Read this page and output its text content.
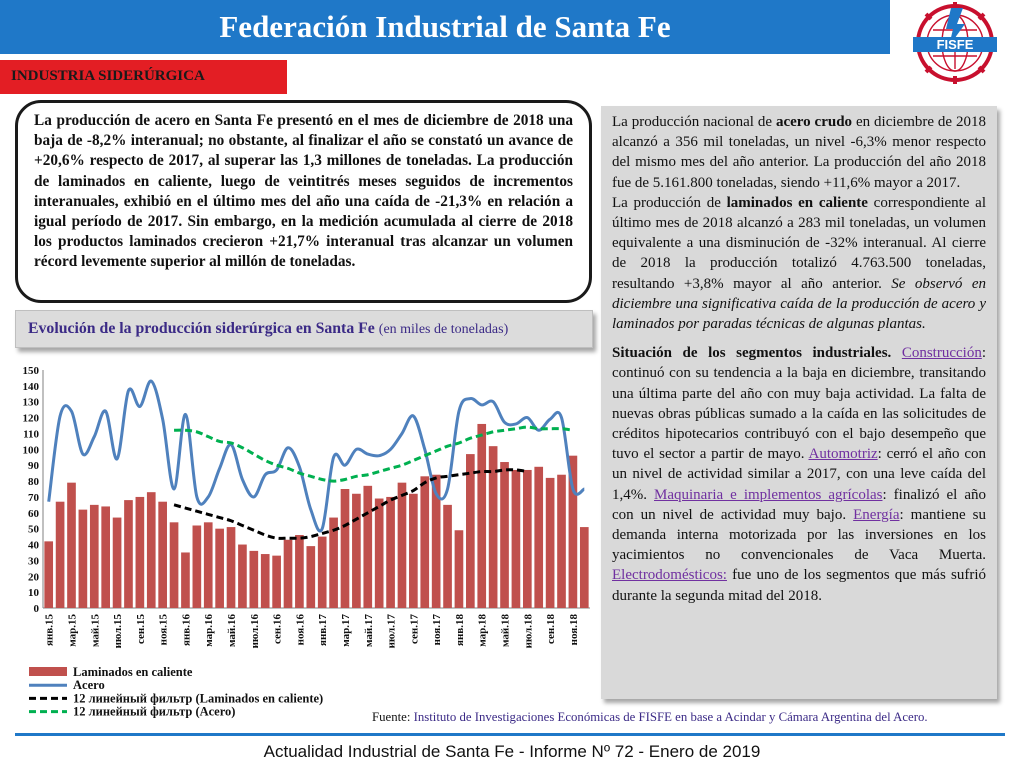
Federación Industrial de Santa Fe
FISFE
INDUSTRIA SIDERÚRGICA

La producción de acero en Santa Fe presentó en el mes de diciembre de 2018 una baja de -8,2% interanual; no obstante, al finalizar el año se constató un avance de +20,6% respecto de 2017, al superar las 1,3 millones de toneladas. La producción de laminados en caliente, luego de veintitrés meses seguidos de incrementos interanuales, exhibió en el último mes del año una caída de -21,3% en relación a igual período de 2017. Sin embargo, en la medición acumulada al cierre de 2018 los productos laminados crecieron +21,7% interanual tras alcanzar un volumen récord levemente superior al millón de toneladas.

Evolución de la producción siderúrgica en Santa Fe (en miles de toneladas)
0
10
20
30
40
50
60
70
80
90
100
110
120
130
140
150
янв.15 мар.15 май.15 июл.15 сен.15 ноя.15 янв.16 мар.16 май.16 июл.16 сен.16 ноя.16 янв.17 мар.17 май.17 июл.17 сен.17 ноя.17 янв.18 мар.18 май.18 июл.18 сен.18 ноя.18
Laminados en caliente
Acero
12 линейный фильтр (Laminados en caliente)
12 линейный фильтр (Acero)	Fuente: Instituto de Investigaciones Económicas de FISFE en base a Acindar y Cámara Argentina del Acero.

La producción nacional de acero crudo en diciembre de 2018 alcanzó a 356 mil toneladas, un nivel -6,3% menor respecto del mismo mes del año anterior. La producción del año 2018 fue de 5.161.800 toneladas, siendo +11,6% mayor a 2017.

La producción de laminados en caliente correspondiente al último mes de 2018 alcanzó a 283 mil toneladas, un volumen equivalente a una disminución de -32% interanual. Al cierre de 2018 la producción totalizó 4.763.500 toneladas, resultando +3,8% mayor al año anterior. Se observó en diciembre una significativa caída de la producción de acero y laminados por paradas técnicas de algunas plantas.

Situación de los segmentos industriales. Construcción: continuó con su tendencia a la baja en diciembre, transitando una última parte del año con muy baja actividad. La falta de nuevas obras públicas sumado a la caída en las solicitudes de créditos hipotecarios contribuyó con el bajo desempeño que tuvo el sector a partir de mayo. Automotriz: cerró el año con un nivel de actividad similar a 2017, con una leve caída del 1,4%. Maquinaria e implementos agrícolas: finalizó el año con un nivel de actividad muy bajo. Energía: mantiene su demanda interna motorizada por las inversiones en los yacimientos no convencionales de Vaca Muerta. Electrodomésticos: fue uno de los segmentos que más sufrió durante la segunda mitad del 2018.

Actualidad Industrial de Santa Fe - Informe Nº 72 - Enero de 2019
